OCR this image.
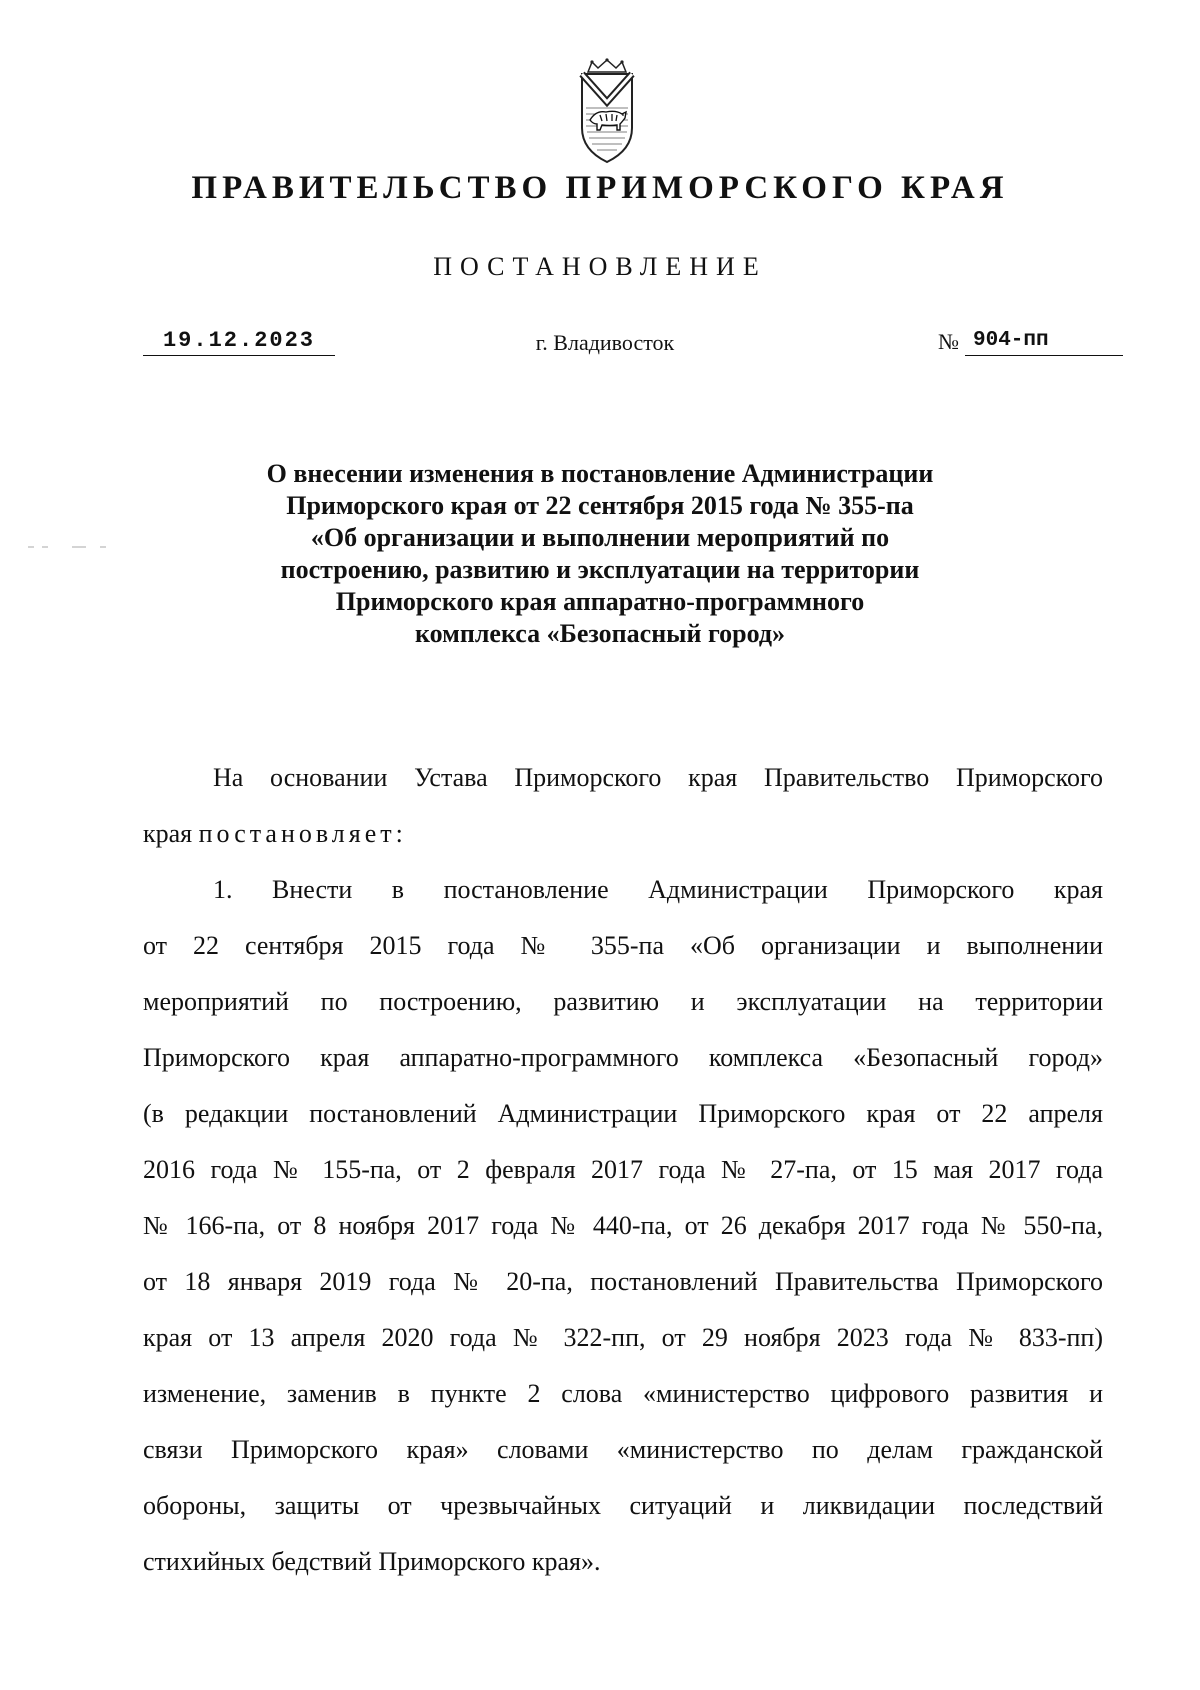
ПРАВИТЕЛЬСТВО ПРИМОРСКОГО КРАЯ
ПОСТАНОВЛЕНИЕ
19.12.2023	г. Владивосток	№ 904-пп
О внесении изменения в постановление Администрации
Приморского края от 22 сентября 2015 года № 355-па
«Об организации и выполнении мероприятий по
построению, развитию и эксплуатации на территории
Приморского края аппаратно-программного
комплекса «Безопасный город»
На основании Устава Приморского края Правительство Приморского
края постановляет:
1. Внести в постановление Администрации Приморского края
от 22 сентября 2015 года № 355-па «Об организации и выполнении
мероприятий по построению, развитию и эксплуатации на территории
Приморского края аппаратно-программного комплекса «Безопасный город»
(в редакции постановлений Администрации Приморского края от 22 апреля
2016 года № 155-па, от 2 февраля 2017 года № 27-па, от 15 мая 2017 года
№ 166-па, от 8 ноября 2017 года № 440-па, от 26 декабря 2017 года № 550-па,
от 18 января 2019 года № 20-па, постановлений Правительства Приморского
края от 13 апреля 2020 года № 322-пп, от 29 ноября 2023 года № 833-пп)
изменение, заменив в пункте 2 слова «министерство цифрового развития и
связи Приморского края» словами «министерство по делам гражданской
обороны, защиты от чрезвычайных ситуаций и ликвидации последствий
стихийных бедствий Приморского края».
